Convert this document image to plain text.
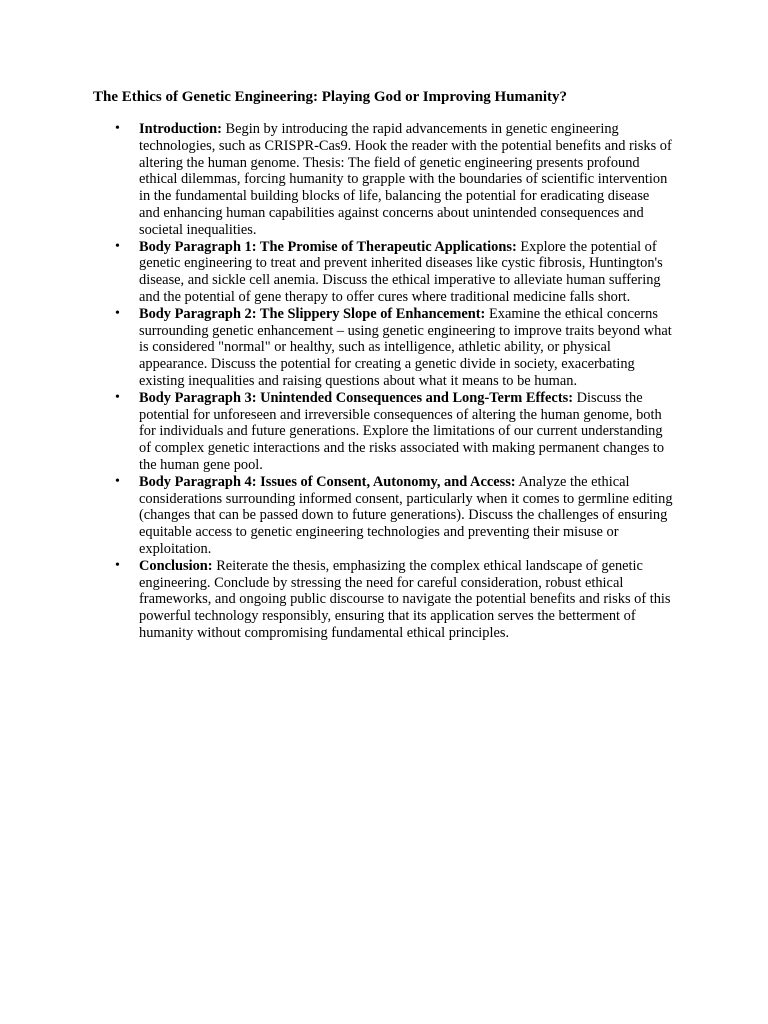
The Ethics of Genetic Engineering: Playing God or Improving Humanity?
• Introduction: Begin by introducing the rapid advancements in genetic engineering technologies, such as CRISPR-Cas9. Hook the reader with the potential benefits and risks of altering the human genome. Thesis: The field of genetic engineering presents profound ethical dilemmas, forcing humanity to grapple with the boundaries of scientific intervention in the fundamental building blocks of life, balancing the potential for eradicating disease and enhancing human capabilities against concerns about unintended consequences and societal inequalities.
• Body Paragraph 1: The Promise of Therapeutic Applications: Explore the potential of genetic engineering to treat and prevent inherited diseases like cystic fibrosis, Huntington's disease, and sickle cell anemia. Discuss the ethical imperative to alleviate human suffering and the potential of gene therapy to offer cures where traditional medicine falls short.
• Body Paragraph 2: The Slippery Slope of Enhancement: Examine the ethical concerns surrounding genetic enhancement – using genetic engineering to improve traits beyond what is considered "normal" or healthy, such as intelligence, athletic ability, or physical appearance. Discuss the potential for creating a genetic divide in society, exacerbating existing inequalities and raising questions about what it means to be human.
• Body Paragraph 3: Unintended Consequences and Long-Term Effects: Discuss the potential for unforeseen and irreversible consequences of altering the human genome, both for individuals and future generations. Explore the limitations of our current understanding of complex genetic interactions and the risks associated with making permanent changes to the human gene pool.
• Body Paragraph 4: Issues of Consent, Autonomy, and Access: Analyze the ethical considerations surrounding informed consent, particularly when it comes to germline editing (changes that can be passed down to future generations). Discuss the challenges of ensuring equitable access to genetic engineering technologies and preventing their misuse or exploitation.
• Conclusion: Reiterate the thesis, emphasizing the complex ethical landscape of genetic engineering. Conclude by stressing the need for careful consideration, robust ethical frameworks, and ongoing public discourse to navigate the potential benefits and risks of this powerful technology responsibly, ensuring that its application serves the betterment of humanity without compromising fundamental ethical principles.
